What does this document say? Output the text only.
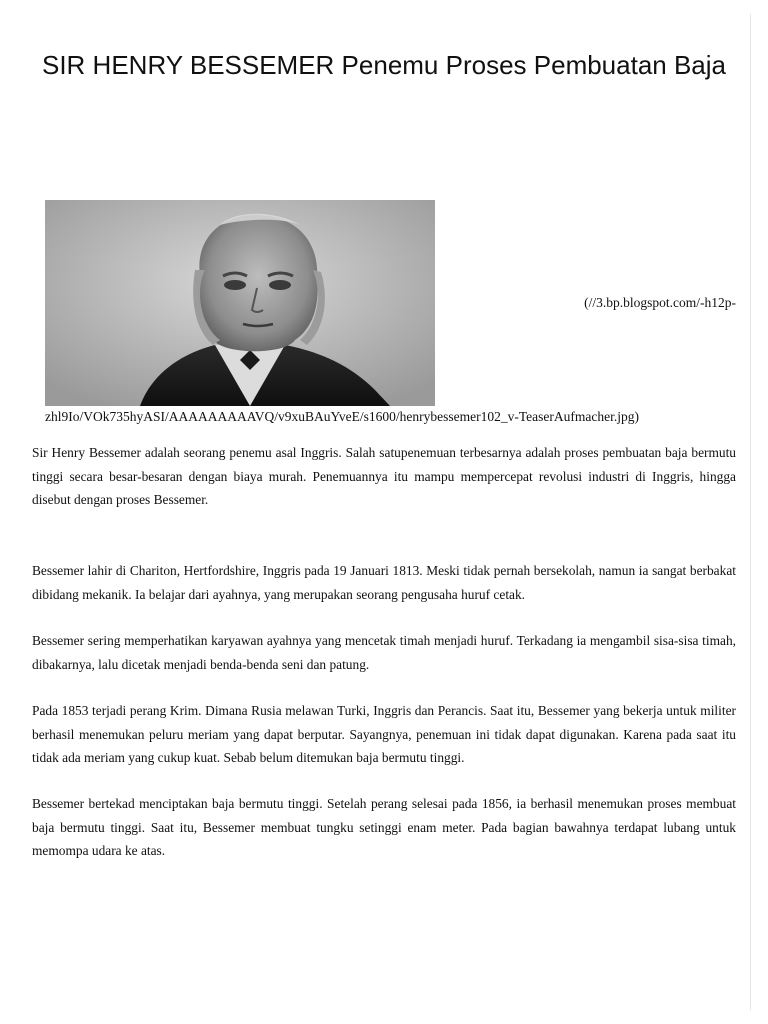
SIR HENRY BESSEMER Penemu Proses Pembuatan Baja
(//3.bp.blogspot.com/-h12p-
zhl9Io/VOk735hyASI/AAAAAAAAAVQ/v9xuBAuYveE/s1600/henrybessemer102_v-TeaserAufmacher.jpg)

Sir Henry Bessemer adalah seorang penemu asal Inggris. Salah satupenemuan terbesarnya adalah proses pembuatan baja bermutu tinggi secara besar-besaran dengan biaya murah. Penemuannya itu mampu mempercepat revolusi industri di Inggris, hingga disebut dengan proses Bessemer.

Bessemer lahir di Chariton, Hertfordshire, Inggris pada 19 Januari 1813. Meski tidak pernah bersekolah, namun ia sangat berbakat dibidang mekanik. Ia belajar dari ayahnya, yang merupakan seorang pengusaha huruf cetak.

Bessemer sering memperhatikan karyawan ayahnya yang mencetak timah menjadi huruf. Terkadang ia mengambil sisa-sisa timah, dibakarnya, lalu dicetak menjadi benda-benda seni dan patung.

Pada 1853 terjadi perang Krim. Dimana Rusia melawan Turki, Inggris dan Perancis. Saat itu, Bessemer yang bekerja untuk militer berhasil menemukan peluru meriam yang dapat berputar. Sayangnya, penemuan ini tidak dapat digunakan. Karena pada saat itu tidak ada meriam yang cukup kuat. Sebab belum ditemukan baja bermutu tinggi.

Bessemer bertekad menciptakan baja bermutu tinggi. Setelah perang selesai pada 1856, ia berhasil menemukan proses membuat baja bermutu tinggi. Saat itu, Bessemer membuat tungku setinggi enam meter. Pada bagian bawahnya terdapat lubang untuk memompa udara ke atas.
